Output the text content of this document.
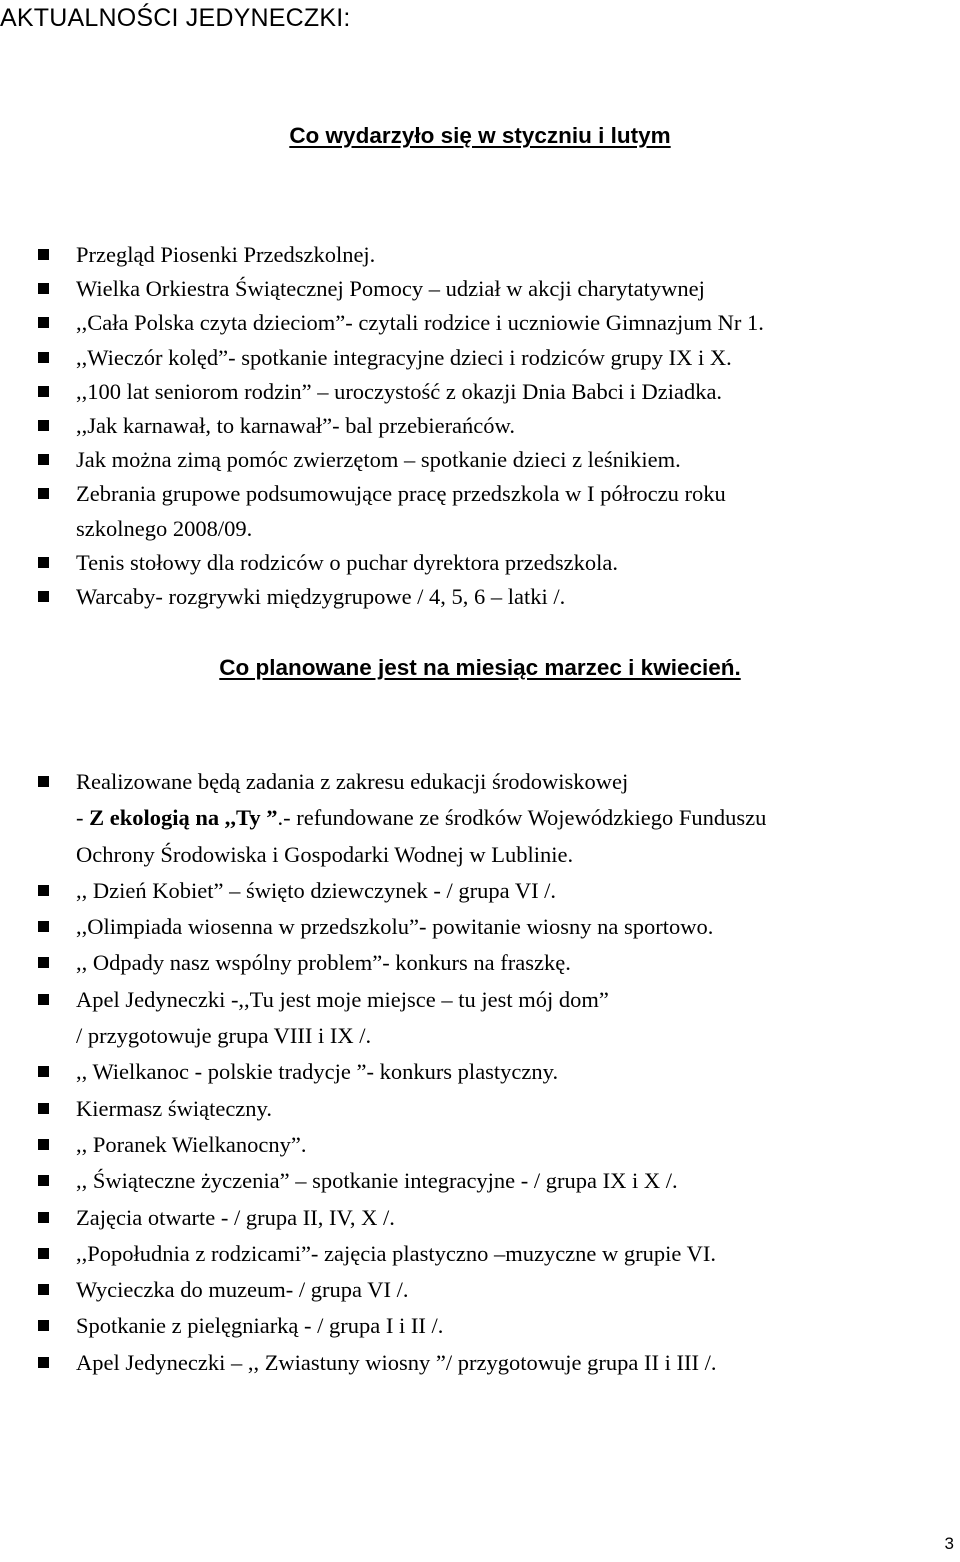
AKTUALNOŚCI JEDYNECZKI:
Co wydarzyło się w styczniu i lutym
Przegląd Piosenki Przedszkolnej.
Wielka Orkiestra Świątecznej Pomocy – udział w akcji charytatywnej
,,Cała Polska czyta dzieciom”- czytali rodzice i uczniowie Gimnazjum Nr 1.
,,Wieczór kolęd”- spotkanie integracyjne dzieci i rodziców grupy IX i X.
,,100 lat seniorom rodzin” – uroczystość z okazji Dnia Babci i Dziadka.
,,Jak karnawał, to karnawał”- bal przebierańców.
Jak można zimą pomóc zwierzętom – spotkanie dzieci z leśnikiem.
Zebrania grupowe podsumowujące pracę przedszkola w I półroczu roku
szkolnego 2008/09.
Tenis stołowy dla rodziców o puchar dyrektora przedszkola.
Warcaby- rozgrywki międzygrupowe / 4, 5, 6 – latki /.
Co planowane jest na miesiąc marzec i kwiecień.
Realizowane będą zadania z zakresu edukacji środowiskowej
- Z ekologią na ,,Ty ”.- refundowane ze środków Wojewódzkiego Funduszu
Ochrony Środowiska i Gospodarki Wodnej w Lublinie.
,, Dzień Kobiet” – święto dziewczynek - / grupa VI /.
,,Olimpiada wiosenna w przedszkolu”- powitanie wiosny na sportowo.
,, Odpady nasz wspólny problem”- konkurs na fraszkę.
Apel Jedyneczki -,,Tu jest moje miejsce – tu jest mój dom”
/ przygotowuje grupa VIII i IX /.
,, Wielkanoc - polskie tradycje ”- konkurs plastyczny.
Kiermasz świąteczny.
,, Poranek Wielkanocny”.
,, Świąteczne życzenia” – spotkanie integracyjne - / grupa IX i X /.
Zajęcia otwarte - / grupa II, IV, X /.
,,Popołudnia z rodzicami”- zajęcia plastyczno –muzyczne w grupie VI.
Wycieczka do muzeum- / grupa VI /.
Spotkanie z pielęgniarką - / grupa I i II /.
Apel Jedyneczki – ,, Zwiastuny wiosny ”/ przygotowuje grupa II i III /.
3
